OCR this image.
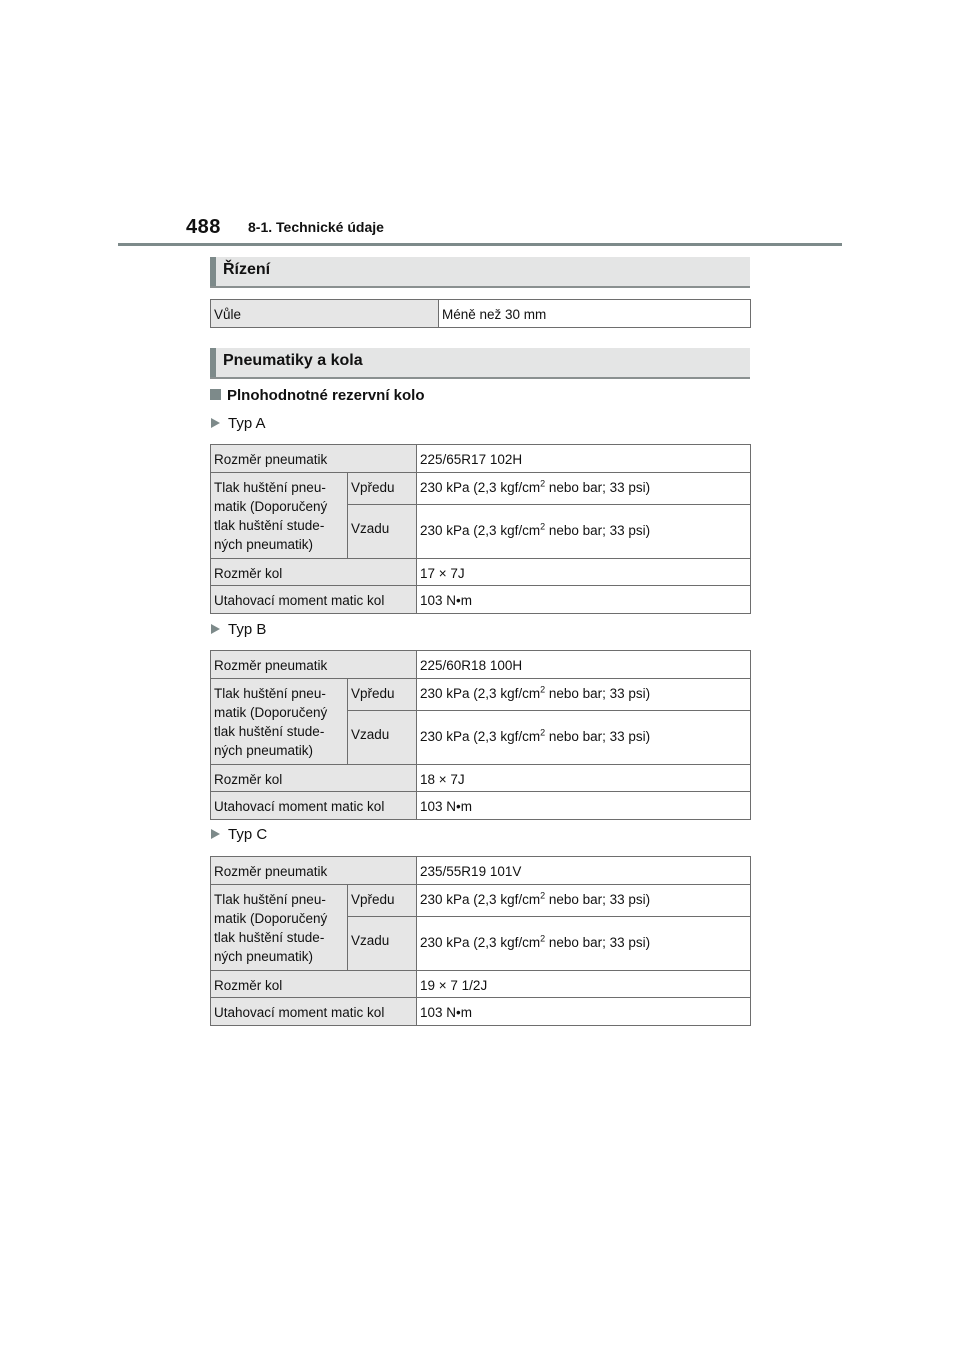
488 8-1. Technické údaje
Řízení
Vůle	Méně než 30 mm
Pneumatiky a kola
Plnohodnotné rezervní kolo
Typ A
Rozměr pneumatik		225/65R17 102H
Tlak huštění pneu-
matik (Doporučený
tlak huštění stude-
ných pneumatik)	Vpředu	230 kPa (2,3 kgf/$cm^2$ nebo bar; 33 psi)
	Vzadu	230 kPa (2,3 kgf/$cm^2$ nebo bar; 33 psi)
Rozměr kol		17 × 7J
Utahovací moment matic kol		103 N•m
Typ B
Rozměr pneumatik		225/60R18 100H
Tlak huštění pneu-
matik (Doporučený
tlak huštění stude-
ných pneumatik)	Vpředu	230 kPa (2,3 kgf/$cm^2$ nebo bar; 33 psi)
	Vzadu	230 kPa (2,3 kgf/$cm^2$ nebo bar; 33 psi)
Rozměr kol		18 × 7J
Utahovací moment matic kol		103 N•m
Typ C
Rozměr pneumatik		235/55R19 101V
Tlak huštění pneu-
matik (Doporučený
tlak huštění stude-
ných pneumatik)	Vpředu	230 kPa (2,3 kgf/$cm^2$ nebo bar; 33 psi)
	Vzadu	230 kPa (2,3 kgf/$cm^2$ nebo bar; 33 psi)
Rozměr kol		19 × 7 1/2J
Utahovací moment matic kol		103 N•m
